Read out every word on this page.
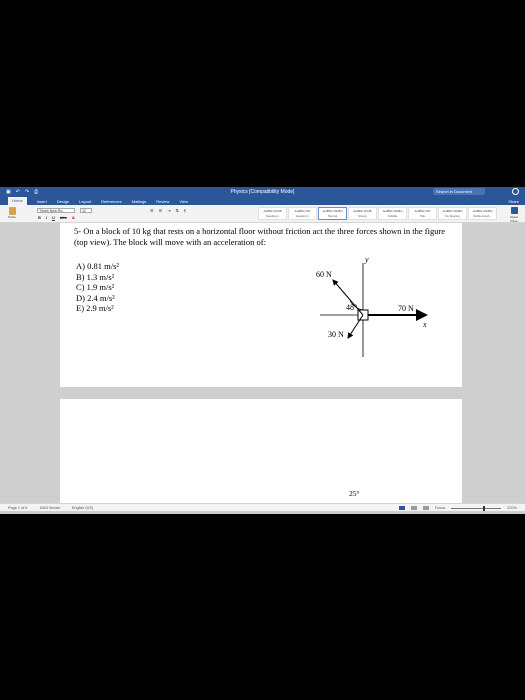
▣ ↶ ↷ ⎙	Physics [Compatibility Mode]	Search in Document
Home	Insert	Design	Layout	References	Mailings	Review	View	Share
Paste
Times New Ro...	12
B I U abc A
☰ ☰ ⇥ ⇅ ¶	AaBbCcDdE
Heading 1
AaBbCcDc
Heading 1
AaBbCcDdEe
Normal
AaBbCcDdE
Strong
AaBbCcDdEe
Subtitle
AaBbCcDc
Title
AaBbCcDdEe
No Spacing
AaBbCcDdEe
Subtle Emph...	Styles Pane
5- On a block of 10 kg that rests on a horizontal floor without friction act the three forces shown in the figure (top view). The block will move with an acceleration of:
A) 0.81 m/s²
B) 1.3 m/s²
C) 1.9 m/s²
D) 2.4 m/s²
E) 2.9 m/s²
y
x
60 N
70 N
30 N
48°
25°
Page 1 of 6	1653 Words	English (US)	Focus	220%
